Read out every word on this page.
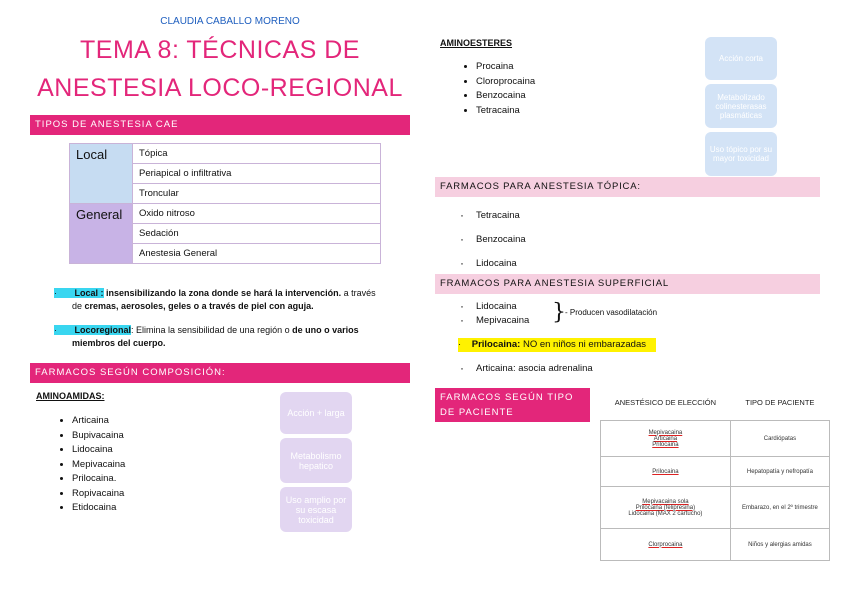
CLAUDIA CABALLO MORENO
TEMA 8: TÉCNICAS DE
ANESTESIA LOCO-REGIONAL
TIPOS DE ANESTESIA CAE
Local	Tópica
	Periapical o infiltrativa
	Troncular
General	Oxido nitroso
	Sedación
	Anestesia General
·       Local : insensibilizando la zona donde se hará la intervención. a través
de cremas, aerosoles, geles o a través de piel con aguja.
·       Locoregional: Elimina la sensibilidad de una región o de uno o varios
miembros del cuerpo.
FARMACOS SEGÚN COMPOSICIÓN:
AMINOAMIDAS:
• Articaina
• Bupivacaina
• Lidocaina
• Mepivacaina
• Prilocaina.
• Ropivacaina
• Etidocaina
Acción + larga
Metabolismo hepatico
Uso amplio por su escasa toxicidad
AMINOESTERES
• Procaina
• Cloroprocaina
• Benzocaina
• Tetracaina
Acción corta
Metabolizado colinesterasas plasmáticas
Uso tópico por su mayor toxicidad
FARMACOS PARA ANESTESIA TÓPICA:
· Tetracaina
· Benzocaina
· Lidocaina
FRAMACOS PARA ANESTESIA SUPERFICIAL
· Lidocaina
· Mepivacaina } - Producen vasodilatación
·    Prilocaina: NO en niños ni embarazadas
· Articaina: asocia adrenalina
FARMACOS SEGÚN TIPO
DE PACIENTE
ANESTÉSICO DE ELECCIÓN	TIPO DE PACIENTE
Mepivacaina
Articaina
Prilocaina	Cardiópatas
Prilocaina	Hepatopatía y nefropatía
Mepivacaina sola
Prilocaina (felipresina)
Lidocaina (MAX 2 cartucho)	Embarazo, en el 2º trimestre
Clorprocaina	Niños y alergias amidas
